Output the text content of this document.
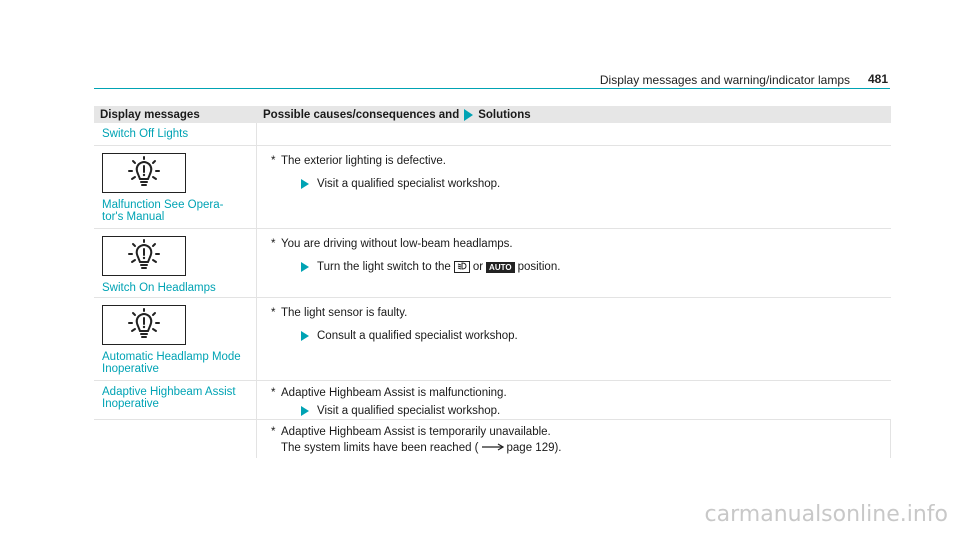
Display messages and warning/indicator lamps 481
Display messages	Possible causes/consequences and Solutions
Switch Off Lights
Malfunction See Opera-
tor's Manual
* The exterior lighting is defective.
Visit a qualified specialist workshop.
Switch On Headlamps
* You are driving without low-beam headlamps.
Turn the light switch to the or AUTO position.
Automatic Headlamp Mode
Inoperative
* The light sensor is faulty.
Consult a qualified specialist workshop.
Adaptive Highbeam Assist
Inoperative
* Adaptive Highbeam Assist is malfunctioning.
Visit a qualified specialist workshop.
* Adaptive Highbeam Assist is temporarily unavailable.
The system limits have been reached ( page 129).
carmanualsonline.info
